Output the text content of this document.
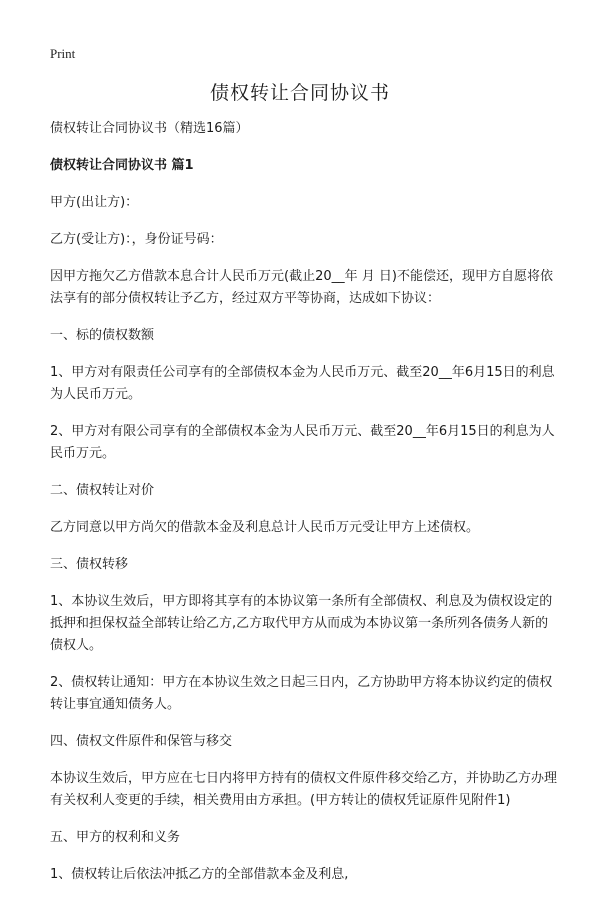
Print
债权转让合同协议书

债权转让合同协议书（精选16篇）

债权转让合同协议书 篇1

甲方(出让方)：

乙方(受让方)：，身份证号码：

因甲方拖欠乙方借款本息合计人民币万元(截止20__年 月 日)不能偿还，现甲方自愿将依法享有的部分债权转让予乙方，经过双方平等协商，达成如下协议：

一、标的债权数额

1、甲方对有限责任公司享有的全部债权本金为人民币万元、截至20__年6月15日的利息为人民币万元。

2、甲方对有限公司享有的全部债权本金为人民币万元、截至20__年6月15日的利息为人民币万元。

二、债权转让对价

乙方同意以甲方尚欠的借款本金及利息总计人民币万元受让甲方上述债权。

三、债权转移

1、本协议生效后，甲方即将其享有的本协议第一条所有全部债权、利息及为债权设定的抵押和担保权益全部转让给乙方,乙方取代甲方从而成为本协议第一条所列各债务人新的债权人。

2、债权转让通知：甲方在本协议生效之日起三日内，乙方协助甲方将本协议约定的债权转让事宜通知债务人。

四、债权文件原件和保管与移交

本协议生效后，甲方应在七日内将甲方持有的债权文件原件移交给乙方，并协助乙方办理有关权利人变更的手续，相关费用由方承担。(甲方转让的债权凭证原件见附件1)

五、甲方的权利和义务

1、债权转让后依法冲抵乙方的全部借款本金及利息,
